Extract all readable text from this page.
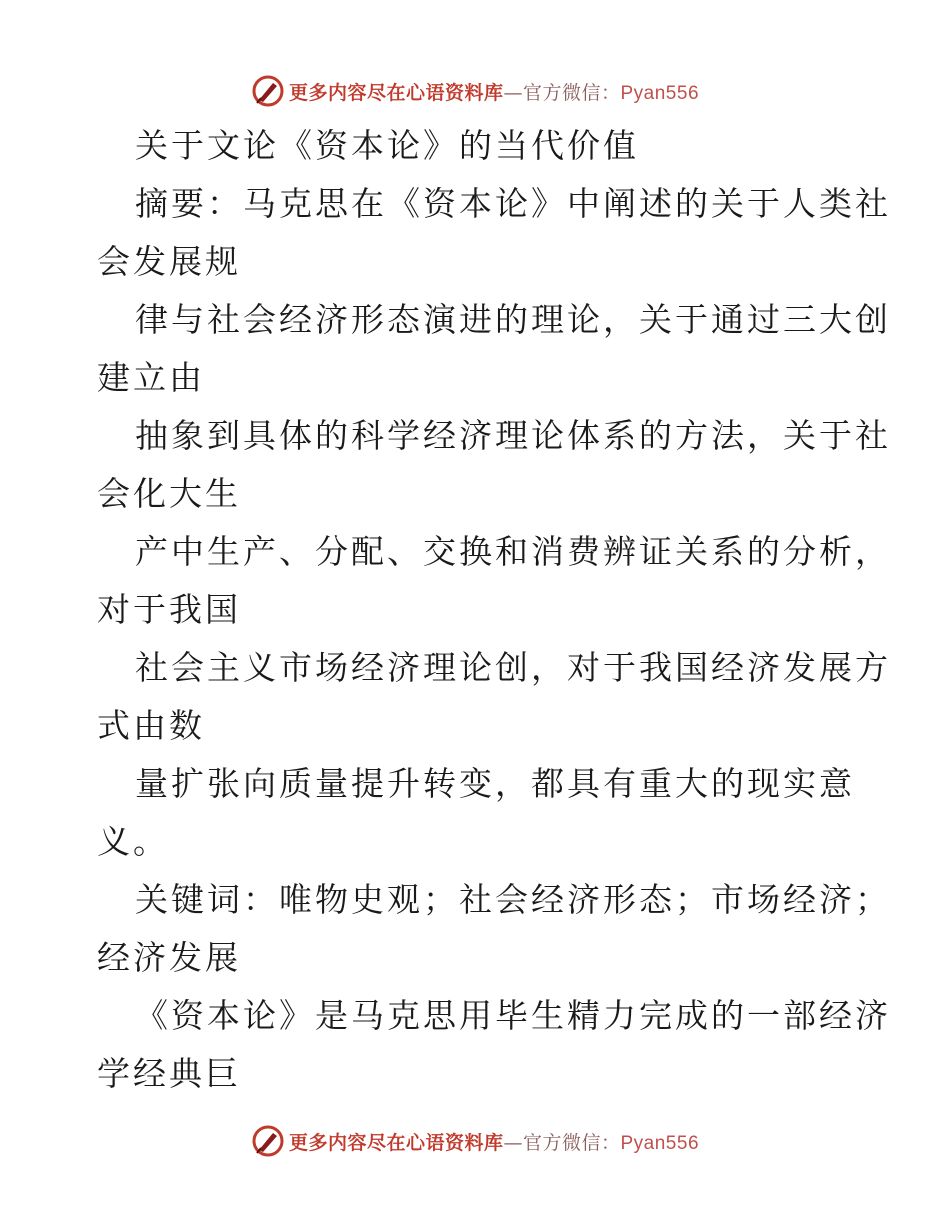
更多内容尽在心语资料库—官方微信：Pyan556
关于文论《资本论》的当代价值
摘要：马克思在《资本论》中阐述的关于人类社
会发展规
律与社会经济形态演进的理论，关于通过三大创
建立由
抽象到具体的科学经济理论体系的方法，关于社
会化大生
产中生产、分配、交换和消费辨证关系的分析，
对于我国
社会主义市场经济理论创，对于我国经济发展方
式由数
量扩张向质量提升转变，都具有重大的现实意
义。
关键词：唯物史观；社会经济形态；市场经济；
经济发展
《资本论》是马克思用毕生精力完成的一部经济
学经典巨
更多内容尽在心语资料库—官方微信：Pyan556
